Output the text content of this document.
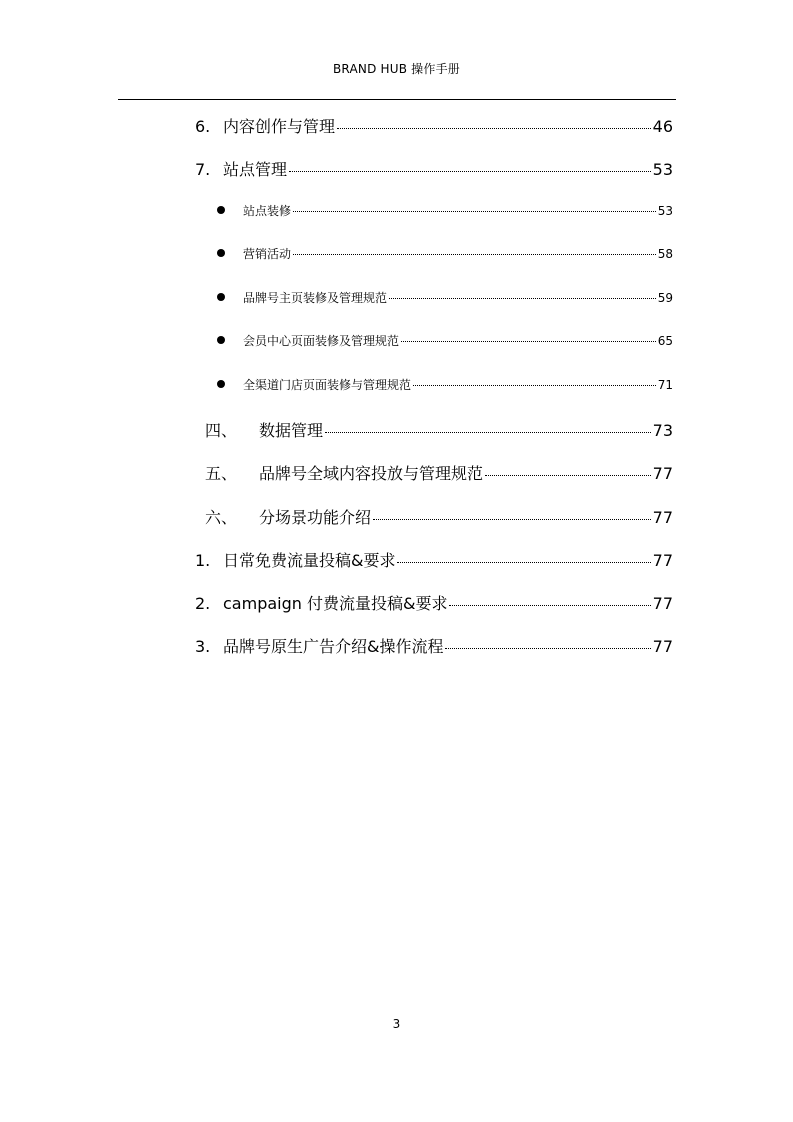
BRAND HUB 操作手册
6. 内容创作与管理	46
7. 站点管理	53
站点装修	53
营销活动	58
品牌号主页装修及管理规范	59
会员中心页面装修及管理规范	65
全渠道门店页面装修与管理规范	71
四、	数据管理	73
五、	品牌号全域内容投放与管理规范	77
六、	分场景功能介绍	77
1. 日常免费流量投稿&要求	77
2. campaign 付费流量投稿&要求	77
3. 品牌号原生广告介绍&操作流程	77
3
